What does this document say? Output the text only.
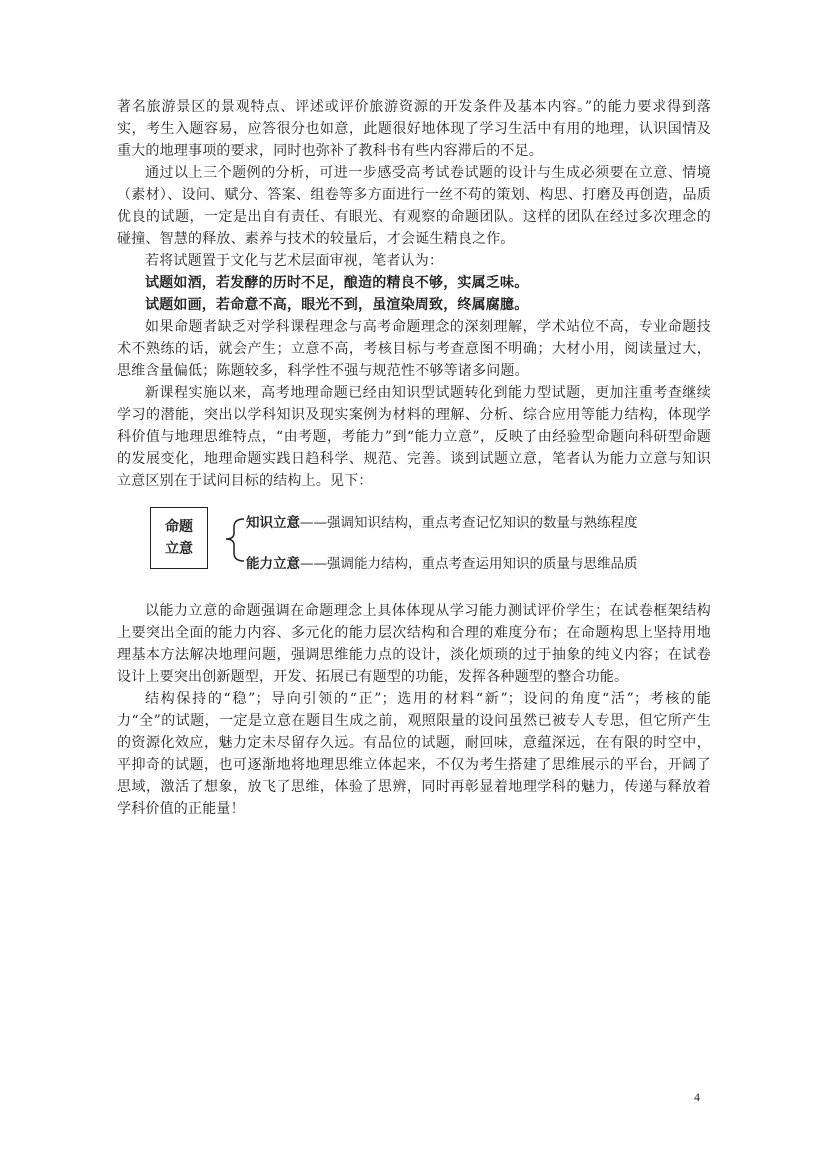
著名旅游景区的景观特点、评述或评价旅游资源的开发条件及基本内容。”的能力要求得到落实，考生入题容易，应答很分也如意，此题很好地体现了学习生活中有用的地理，认识国情及重大的地理事项的要求，同时也弥补了教科书有些内容滞后的不足。

通过以上三个题例的分析，可进一步感受高考试卷试题的设计与生成必须要在立意、情境（素材）、设问、赋分、答案、组卷等多方面进行一丝不苟的策划、构思、打磨及再创造，品质优良的试题，一定是出自有责任、有眼光、有观察的命题团队。这样的团队在经过多次理念的碰撞、智慧的释放、素养与技术的较量后，才会诞生精良之作。

若将试题置于文化与艺术层面审视，笔者认为：

试题如酒，若发酵的历时不足，酿造的精良不够，实属乏味。

试题如画，若命意不高，眼光不到，虽渲染周致，终属腐臆。

如果命题者缺乏对学科课程理念与高考命题理念的深刻理解，学术站位不高，专业命题技术不熟练的话，就会产生；立意不高，考核目标与考查意图不明确；大材小用，阅读量过大，思维含量偏低；陈题较多，科学性不强与规范性不够等诸多问题。

新课程实施以来，高考地理命题已经由知识型试题转化到能力型试题，更加注重考查继续学习的潜能，突出以学科知识及现实案例为材料的理解、分析、综合应用等能力结构，体现学科价值与地理思维特点，“由考题，考能力”到“能力立意”，反映了由经验型命题向科研型命题的发展变化，地理命题实践日趋科学、规范、完善。谈到试题立意，笔者认为能力立意与知识立意区别在于试问目标的结构上。见下：

命题
立意
知识立意——强调知识结构，重点考查记忆知识的数量与熟练程度
能力立意——强调能力结构，重点考查运用知识的质量与思维品质

以能力立意的命题强调在命题理念上具体体现从学习能力测试评价学生；在试卷框架结构上要突出全面的能力内容、多元化的能力层次结构和合理的难度分布；在命题构思上坚持用地理基本方法解决地理问题，强调思维能力点的设计，淡化烦琐的过于抽象的纯义内容；在试卷设计上要突出创新题型，开发、拓展已有题型的功能，发挥各种题型的整合功能。

结构保持的“稳”；导向引领的“正”；选用的材料“新”；设问的角度“活”；考核的能力“全”的试题，一定是立意在题目生成之前，观照限量的设问虽然已被专人专思，但它所产生的资源化效应，魅力定未尽留存久远。有品位的试题，耐回味，意蕴深远，在有限的时空中，平抑奇的试题，也可逐渐地将地理思维立体起来，不仅为考生搭建了思维展示的平台，开阔了思域，激活了想象，放飞了思维，体验了思辨，同时再彰显着地理学科的魅力，传递与释放着学科价值的正能量！

4
